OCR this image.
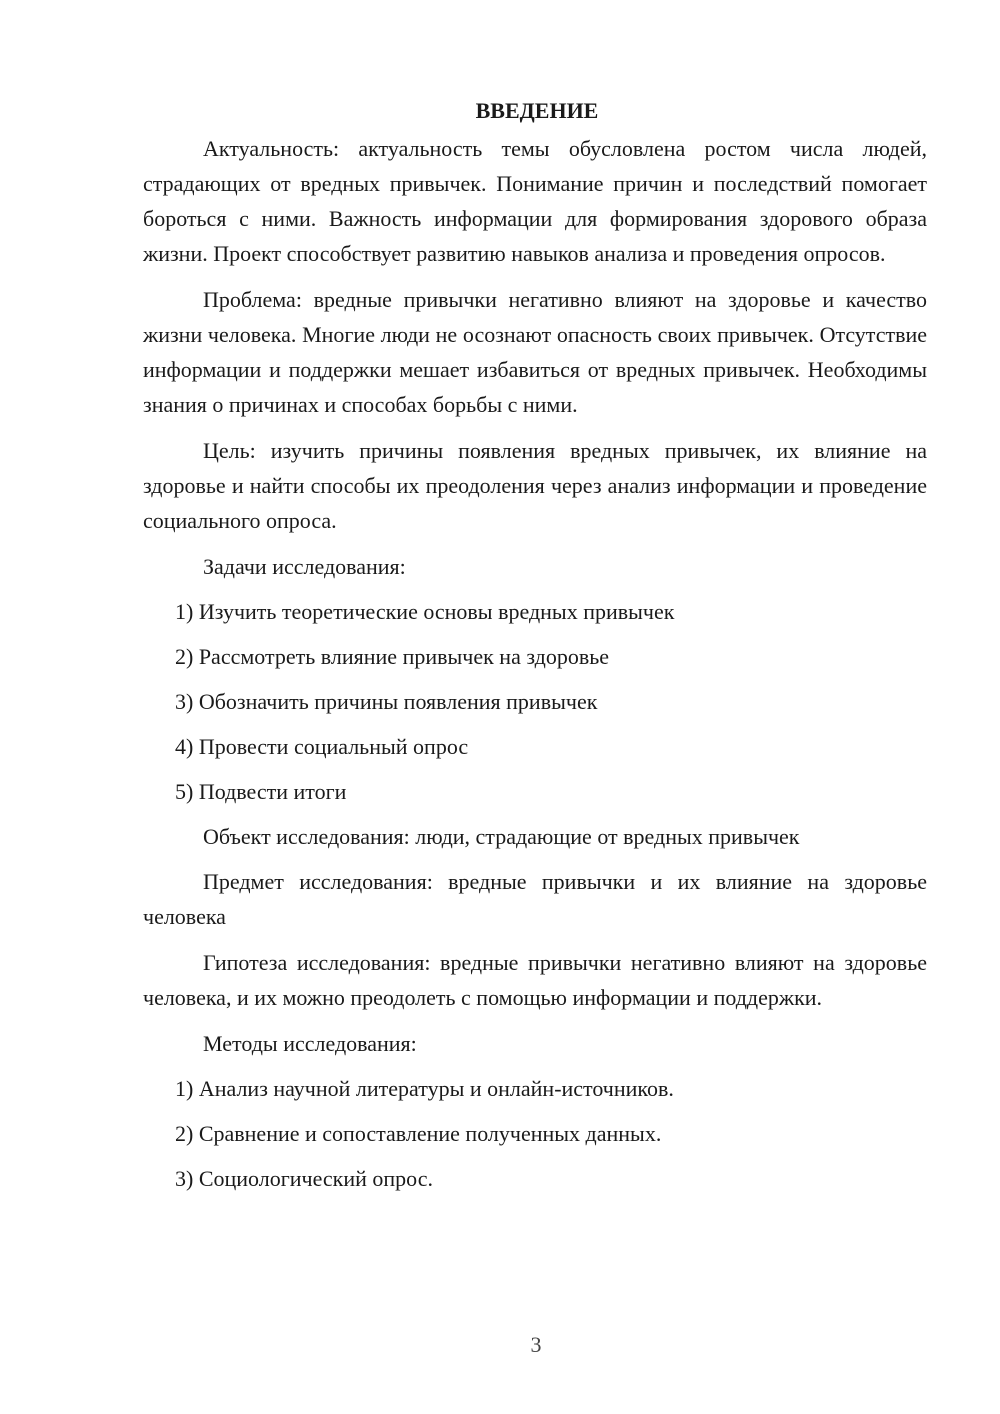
ВВЕДЕНИЕ

Актуальность: актуальность темы обусловлена ростом числа людей, страдающих от вредных привычек. Понимание причин и последствий помогает бороться с ними. Важность информации для формирования здорового образа жизни. Проект способствует развитию навыков анализа и проведения опросов.

Проблема: вредные привычки негативно влияют на здоровье и качество жизни человека. Многие люди не осознают опасность своих привычек. Отсутствие информации и поддержки мешает избавиться от вредных привычек. Необходимы знания о причинах и способах борьбы с ними.

Цель: изучить причины появления вредных привычек, их влияние на здоровье и найти способы их преодоления через анализ информации и проведение социального опроса.

Задачи исследования:
1) Изучить теоретические основы вредных привычек
2) Рассмотреть влияние привычек на здоровье
3) Обозначить причины появления привычек
4) Провести социальный опрос
5) Подвести итоги
Объект исследования: люди, страдающие от вредных привычек

Предмет исследования: вредные привычки и их влияние на здоровье человека

Гипотеза исследования: вредные привычки негативно влияют на здоровье человека, и их можно преодолеть с помощью информации и поддержки.

Методы исследования:
1) Анализ научной литературы и онлайн-источников.
2) Сравнение и сопоставление полученных данных.
3) Социологический опрос.
3
